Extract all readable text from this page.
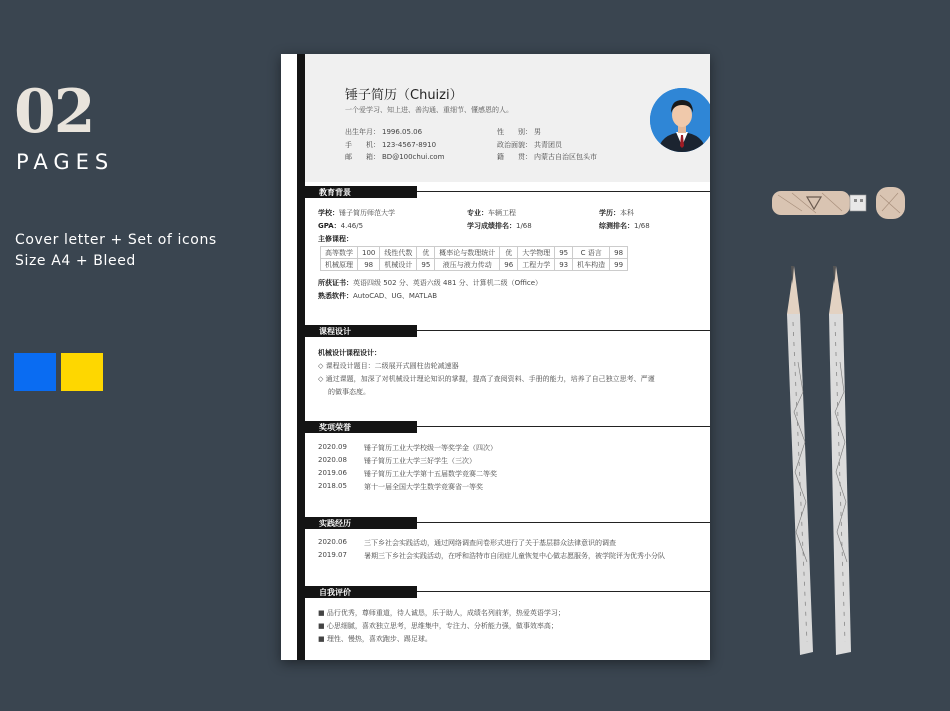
02
PAGES
Cover letter + Set of icons
Size A4 + Bleed
锤子简历（Chuizi）
一个爱学习、知上进、善沟通、重细节、懂感恩的人。
出生年月： 1996.05.06	性　　别： 男
手　　机： 123-4567-8910	政治面貌： 共青团员
邮　　箱： BD@100chui.com	籍　　贯： 内蒙古自治区包头市
教育背景
学校：锤子简历师范大学	专业：车辆工程	学历：本科
GPA：4.46/5	学习成绩排名：1/68	综测排名：1/68
主修课程：
高等数学	100	线性代数	优	概率论与数理统计	优	大学物理	95	C 语言	98
机械原理	98	机械设计	95	液压与液力传动	96	工程力学	93	机车构造	99
所获证书：英语四级 502 分、英语六级 481 分、计算机二级（Office）
熟悉软件：AutoCAD、UG、MATLAB
课程设计
机械设计课程设计：
◇ 课程设计题目：二级展开式圆柱齿轮减速器
◇ 通过课题，加深了对机械设计理论知识的掌握，提高了查阅资料、手册的能力，培养了自己独立思考、严谨
的做事态度。
奖项荣誉
2020.09 锤子简历工业大学校级一等奖学金（四次）
2020.08 锤子简历工业大学三好学生（三次）
2019.06 锤子简历工业大学第十五届数学竞赛二等奖
2018.05 第十一届全国大学生数学竞赛省一等奖
实践经历
2020.06 三下乡社会实践活动，通过网络调查问卷形式进行了关于基层群众法律意识的调查
2019.07 暑期三下乡社会实践活动，在呼和浩特市自闭症儿童恢复中心做志愿服务，被学院评为优秀小分队
自我评价
■ 品行优秀，尊师重道，待人诚恳，乐于助人，成绩名列前茅，热爱英语学习；
■ 心思细腻，喜欢独立思考，思维集中，专注力、分析能力强，做事效率高；
■ 理性、慢热，喜欢跑步、踢足球。
